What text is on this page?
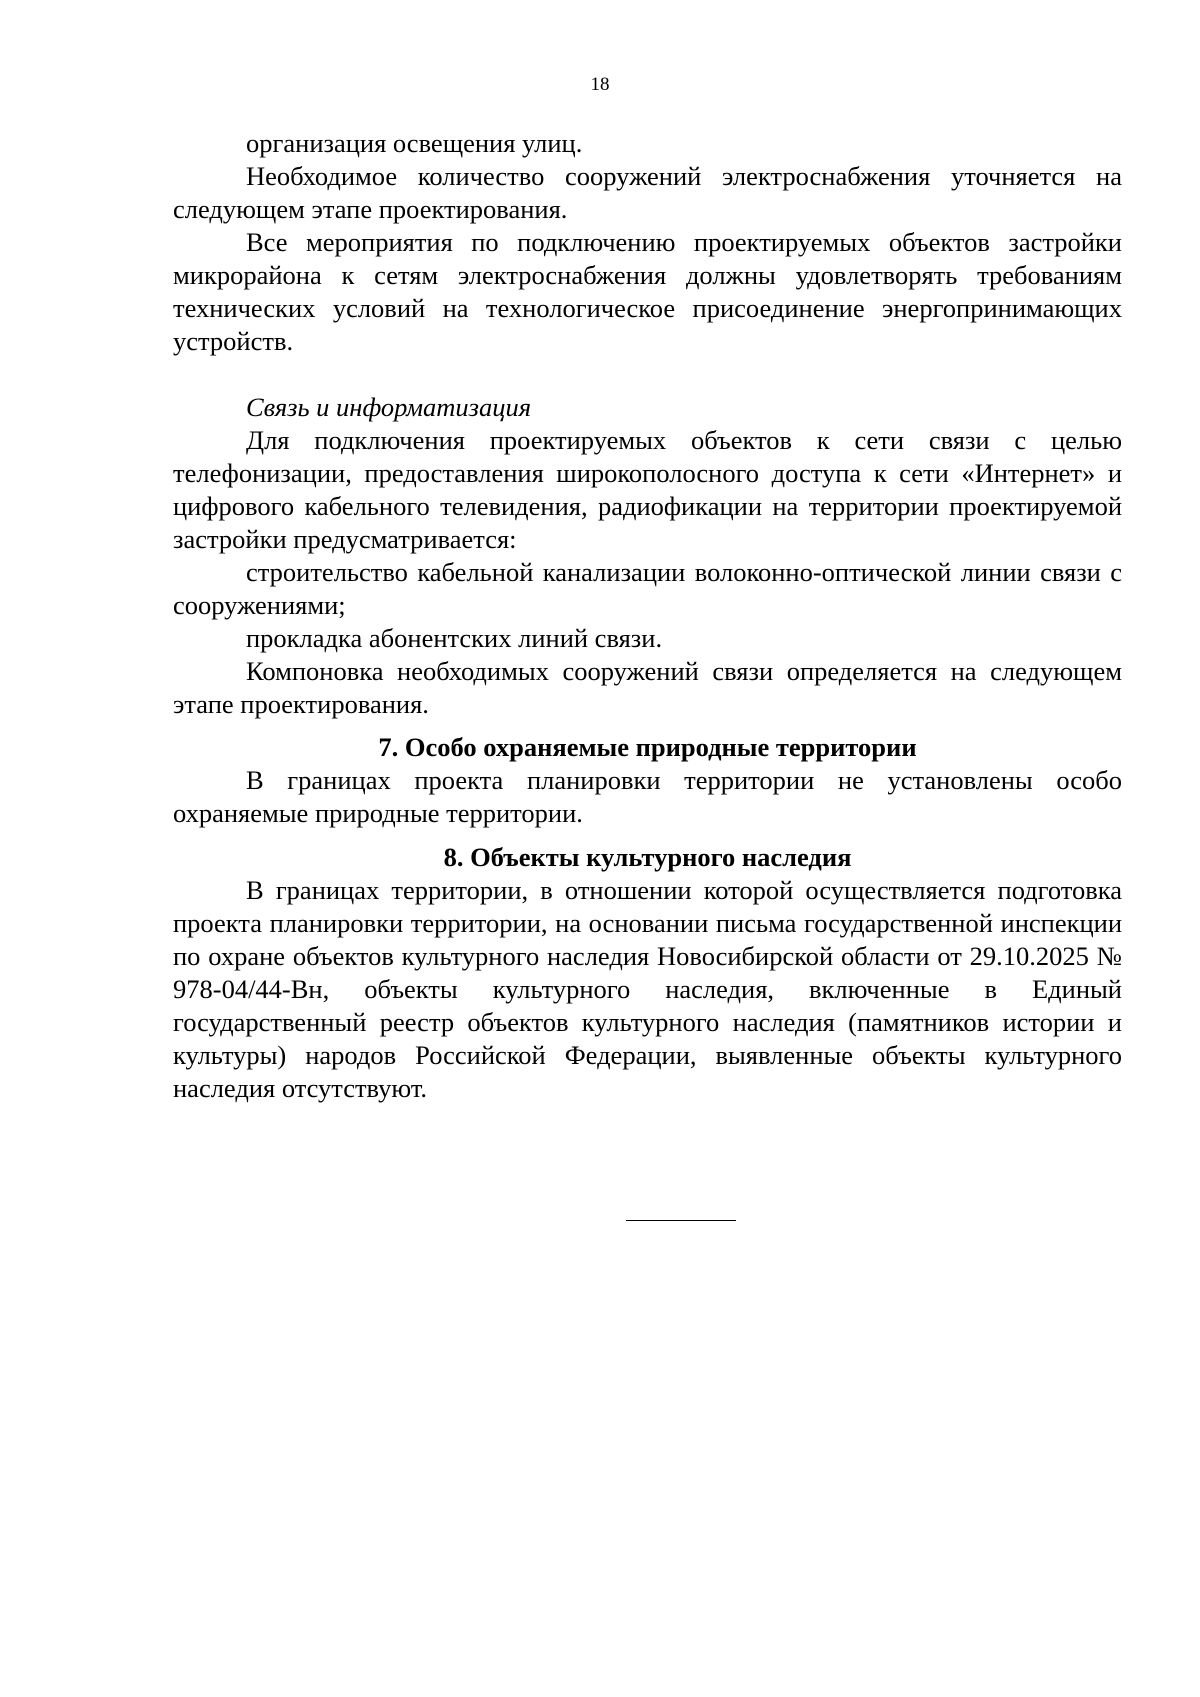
18

организация освещения улиц.

Необходимое количество сооружений электроснабжения уточняется на следующем этапе проектирования.

Все мероприятия по подключению проектируемых объектов застройки микрорайона к сетям электроснабжения должны удовлетворять требованиям технических условий на технологическое присоединение энергопринимающих устройств.

Связь и информатизация

Для подключения проектируемых объектов к сети связи с целью телефонизации, предоставления широкополосного доступа к сети «Интернет» и цифрового кабельного телевидения, радиофикации на территории проектируемой застройки предусматривается:

строительство кабельной канализации волоконно-оптической линии связи с сооружениями;

прокладка абонентских линий связи.

Компоновка необходимых сооружений связи определяется на следующем этапе проектирования.

7. Особо охраняемые природные территории

В границах проекта планировки территории не установлены особо охраняемые природные территории.

8. Объекты культурного наследия

В границах территории, в отношении которой осуществляется подготовка проекта планировки территории, на основании письма государственной инспекции по охране объектов культурного наследия Новосибирской области от 29.10.2025 № 978-04/44-Вн, объекты культурного наследия, включенные в Единый государственный реестр объектов культурного наследия (памятников истории и культуры) народов Российской Федерации, выявленные объекты культурного наследия отсутствуют.
